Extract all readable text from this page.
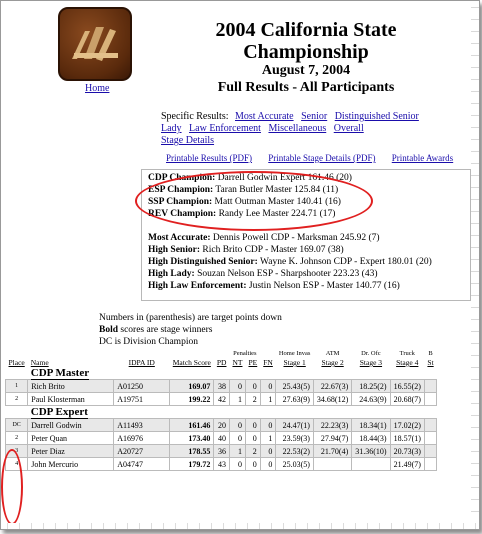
Home
2004 California State
Championship
August 7, 2004
Full Results - All Participants
Specific Results: Most Accurate Senior Distinguished Senior
Lady Law Enforcement Miscellaneous Overall
Stage Details
Printable Results (PDF) Printable Stage Details (PDF) Printable Awards
CDP Champion: Darrell Godwin Expert 161.46 (20)
ESP Champion: Taran Butler Master 125.84 (11)
SSP Champion: Matt Outman Master 140.41 (16)
REV Champion: Randy Lee Master 224.71 (17)
Most Accurate: Dennis Powell CDP - Marksman 245.92 (7)
High Senior: Rich Brito CDP - Master 169.07 (38)
High Distinguished Senior: Wayne K. Johnson CDP - Expert 180.01 (20)
High Lady: Souzan Nelson ESP - Sharpshooter 223.23 (43)
High Law Enforcement: Justin Nelson ESP - Master 140.77 (16)
Numbers in (parenthesis) are target points down
Bold scores are stage winners
DC is Division Champion
				Penalties				Home Invas	ATM	Dr. Ofc	Truck	B
Place	Name	IDPA ID	Match Score	PD	NT	PE	FN	Stage 1	Stage 2	Stage 3	Stage 4	St
	CDP Master											
1	Rich Brito	A01250	169.07	38	0	0	0	25.43(5)	22.67(3)	18.25(2)	16.55(2)	
2	Paul Klosterman	A19751	199.22	42	1	2	1	27.63(9)	34.68(12)	24.63(9)	20.68(7)	
	CDP Expert											
DC	Darrell Godwin	A11493	161.46	20	0	0	0	24.47(1)	22.23(3)	18.34(1)	17.02(2)	
2	Peter Quan	A16976	173.40	40	0	0	1	23.59(3)	27.94(7)	18.44(3)	18.57(1)	
3	Peter Diaz	A20727	178.55	36	1	2	0	22.53(2)	21.70(4)	31.36(10)	20.73(3)	
4	John Mercurio	A04747	179.72	43	0	0	0	25.03(5)			21.49(7)	
